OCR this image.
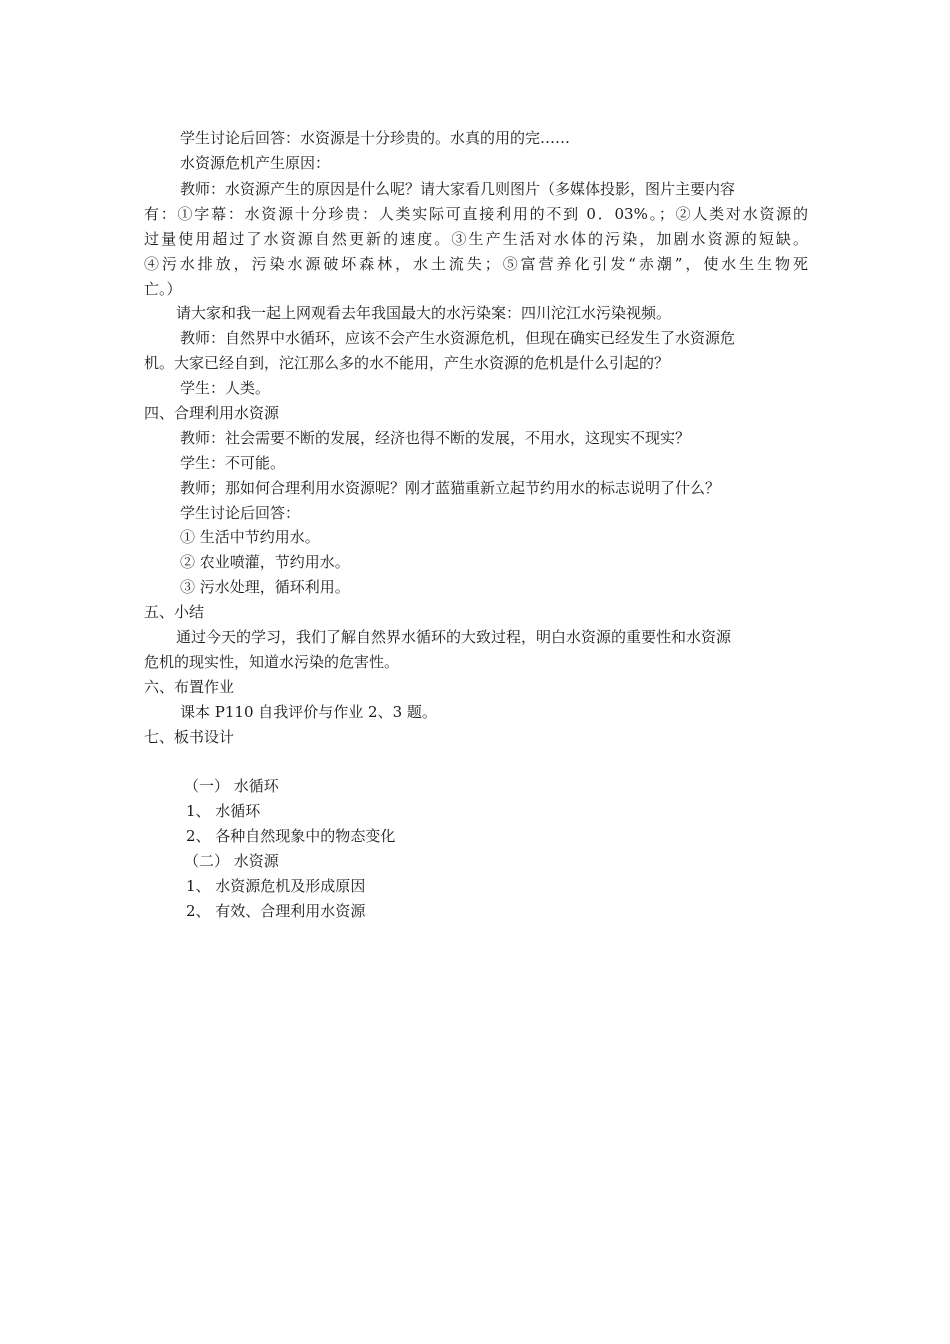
学生讨论后回答：水资源是十分珍贵的。水真的用的完……
水资源危机产生原因：
教师：水资源产生的原因是什么呢？请大家看几则图片（多媒体投影，图片主要内容
有：①字幕：水资源十分珍贵：人类实际可直接利用的不到 0．03%。；②人类对水资源的
过量使用超过了水资源自然更新的速度。③生产生活对水体的污染，加剧水资源的短缺。
④污水排放，污染水源破坏森林，水土流失；⑤富营养化引发“赤潮”，使水生生物死
亡。）
请大家和我一起上网观看去年我国最大的水污染案：四川沱江水污染视频。
教师：自然界中水循环，应该不会产生水资源危机，但现在确实已经发生了水资源危
机。大家已经自到，沱江那么多的水不能用，产生水资源的危机是什么引起的？
学生：人类。
四、合理利用水资源
教师：社会需要不断的发展，经济也得不断的发展，不用水，这现实不现实？
学生：不可能。
教师；那如何合理利用水资源呢？刚才蓝猫重新立起节约用水的标志说明了什么？
学生讨论后回答：
① 生活中节约用水。
② 农业喷灌，节约用水。
③ 污水处理，循环利用。
五、小结
通过今天的学习，我们了解自然界水循环的大致过程，明白水资源的重要性和水资源
危机的现实性，知道水污染的危害性。
六、布置作业
课本 P110 自我评价与作业 2、3 题。
七、板书设计
（一） 水循环
1、 水循环
2、 各种自然现象中的物态变化
（二） 水资源
1、 水资源危机及形成原因
2、 有效、合理利用水资源
